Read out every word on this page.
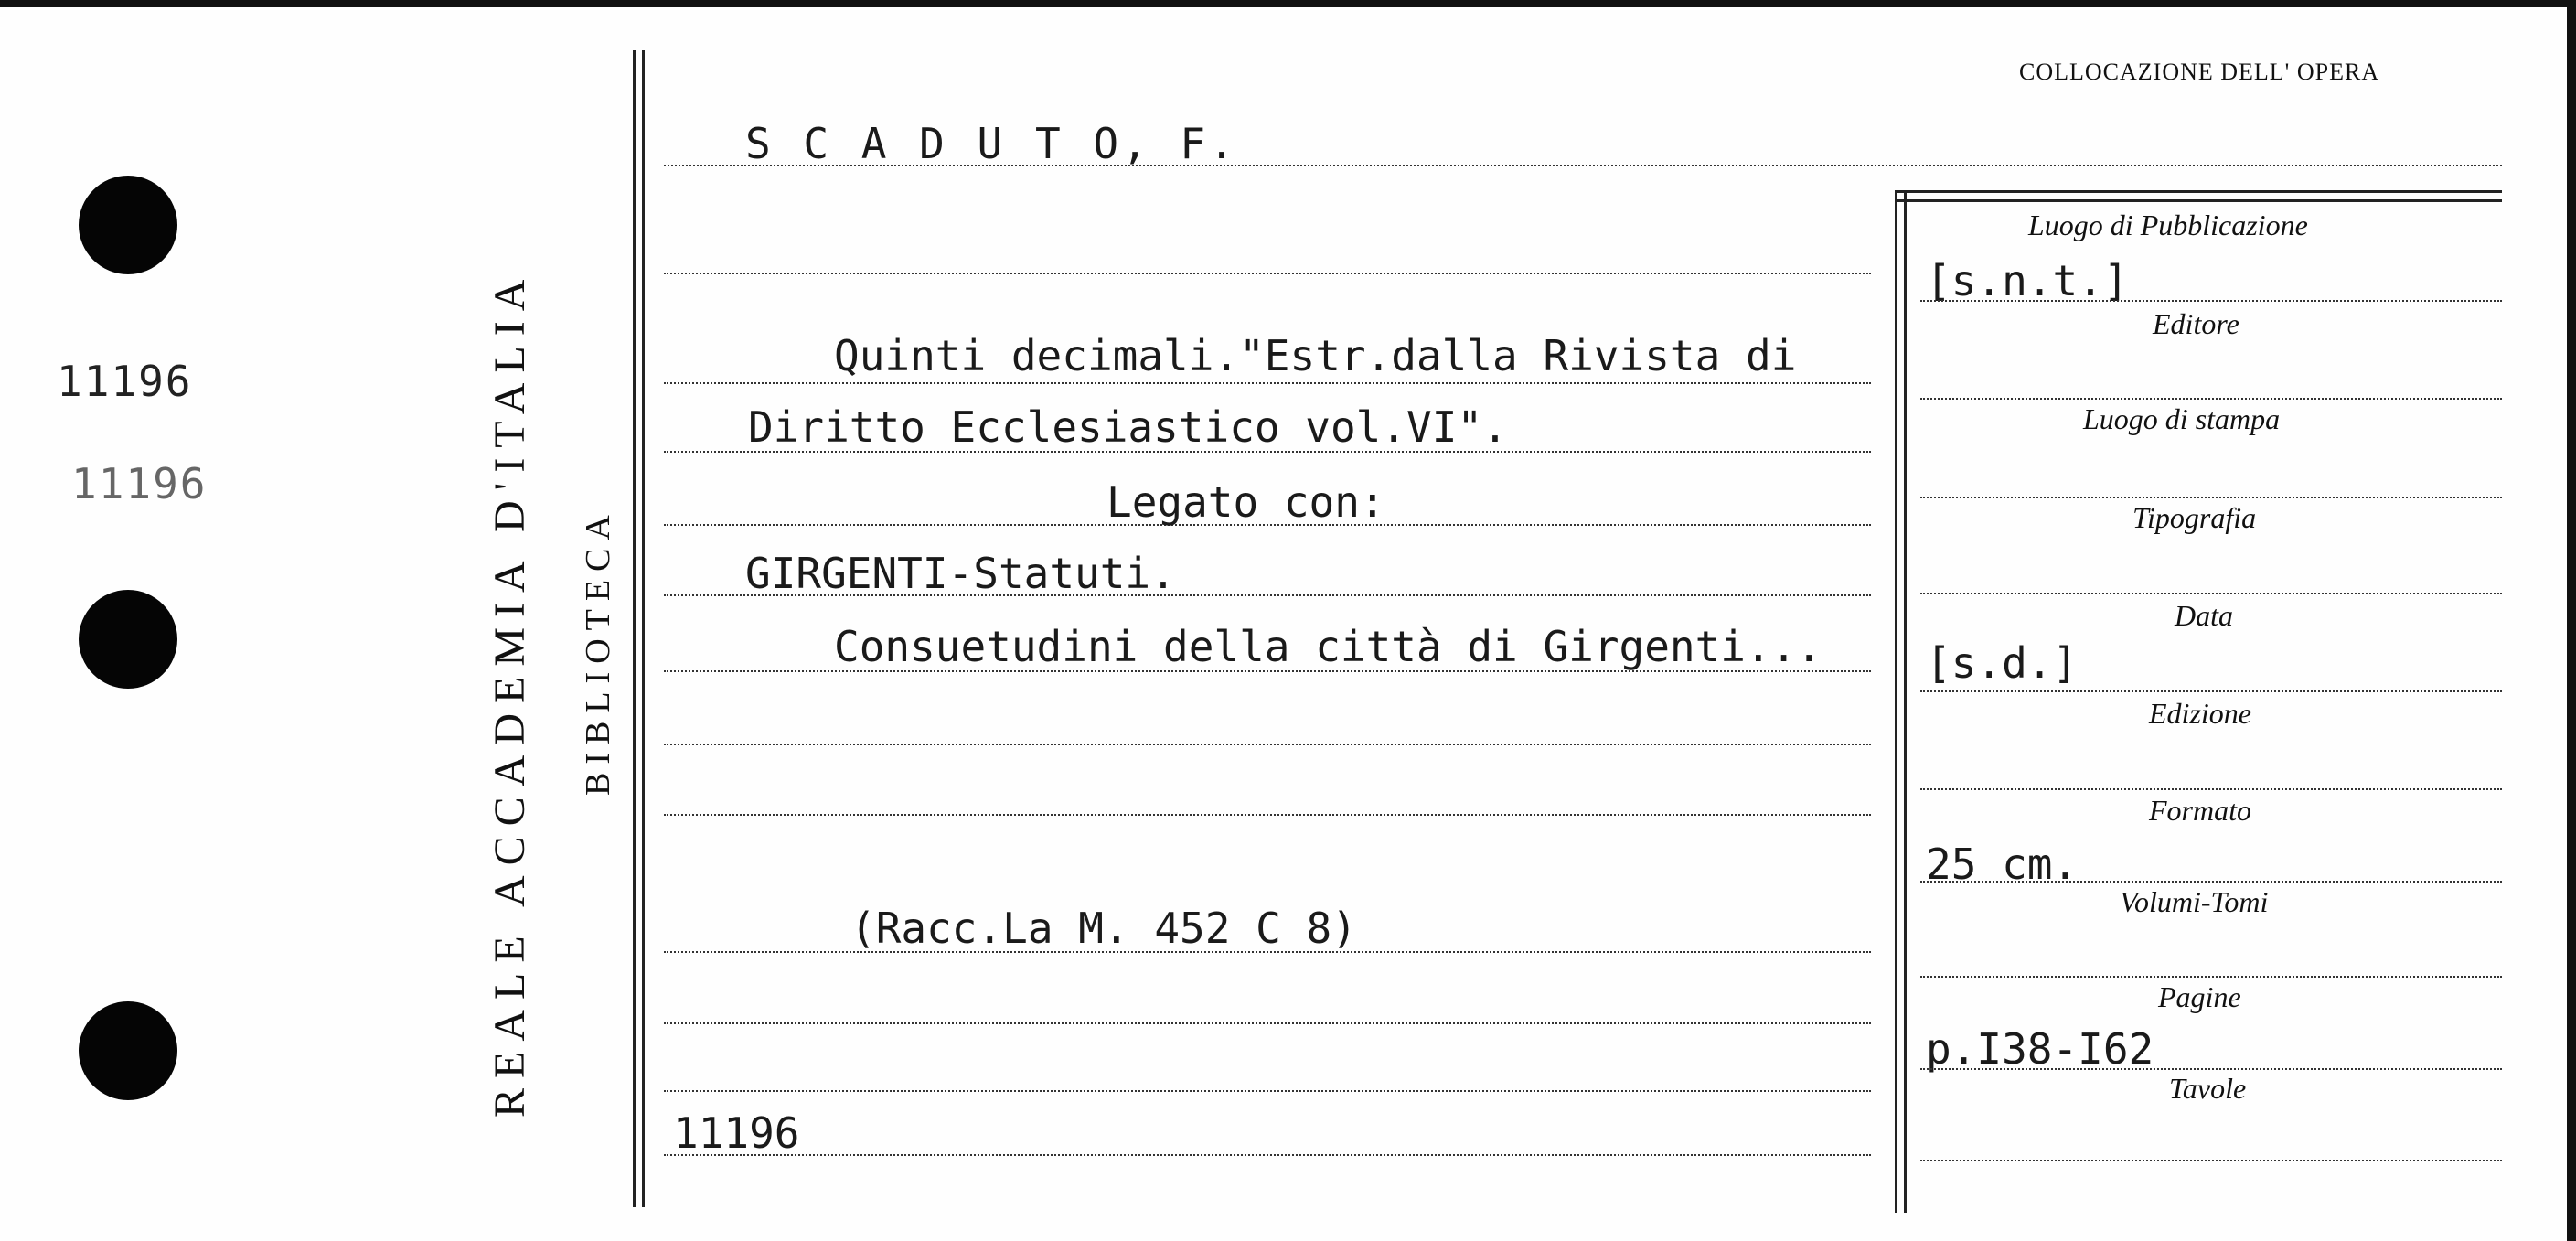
11196
11196	REALE ACCADEMIA D'ITALIA BIBLIOTECA
COLLOCAZIONE DELL' OPERA
S C A D U T O, F.
Quinti decimali."Estr.dalla Rivista di
Diritto Ecclesiastico vol.VI".
Legato con:
GIRGENTI-Statuti.
Consuetudini della città di Girgenti...
(Racc.La M. 452 C 8)
11196
Luogo di Pubblicazione
Editore
Luogo di stampa
Tipografia
Data
Edizione
Formato
Volumi-Tomi
Pagine
Tavole
[s.n.t.]
[s.d.]
25 cm.
p.I38-I62
